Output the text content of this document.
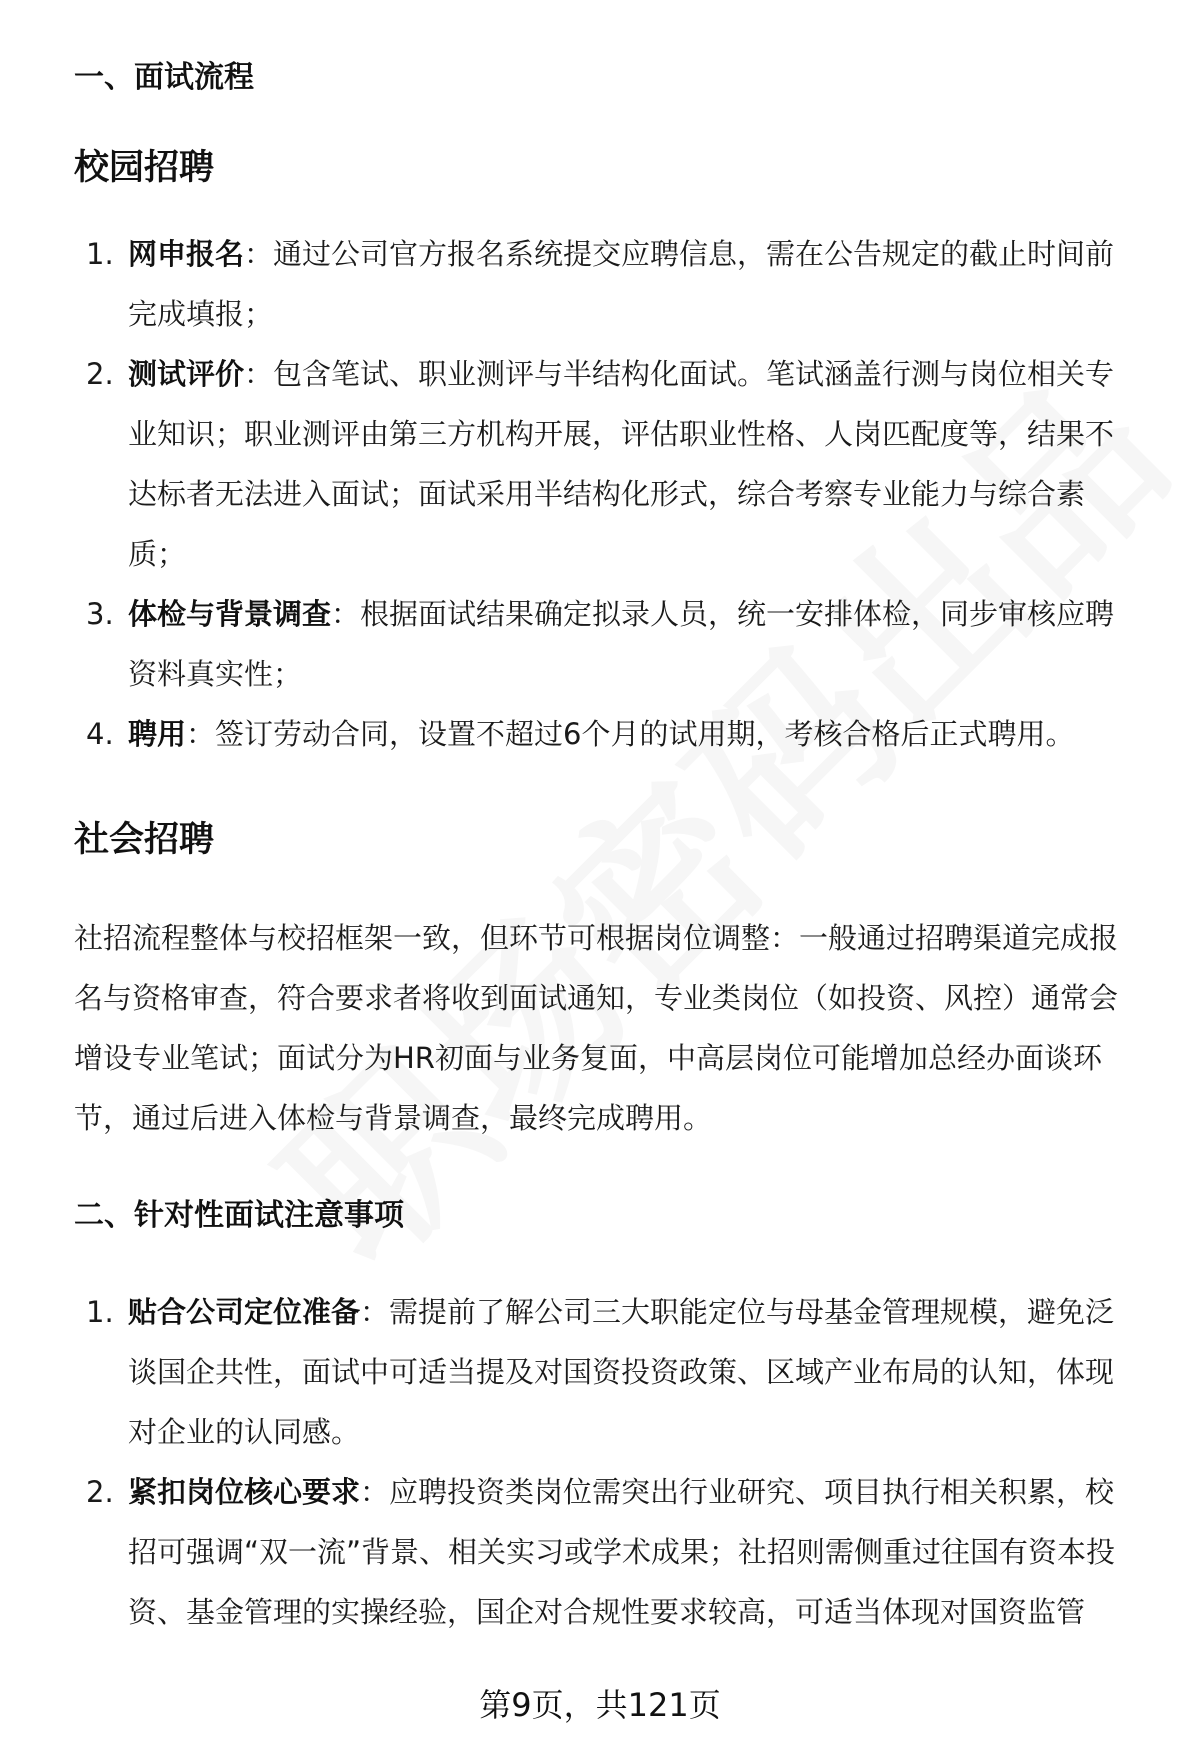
一、面试流程
校园招聘
1. 网申报名：通过公司官方报名系统提交应聘信息，需在公告规定的截止时间前完成填报；
2. 测试评价：包含笔试、职业测评与半结构化面试。笔试涵盖行测与岗位相关专业知识；职业测评由第三方机构开展，评估职业性格、人岗匹配度等，结果不达标者无法进入面试；面试采用半结构化形式，综合考察专业能力与综合素质；
3. 体检与背景调查：根据面试结果确定拟录人员，统一安排体检，同步审核应聘资料真实性；
4. 聘用：签订劳动合同，设置不超过6个月的试用期，考核合格后正式聘用。
社会招聘

社招流程整体与校招框架一致，但环节可根据岗位调整：一般通过招聘渠道完成报名与资格审查，符合要求者将收到面试通知，专业类岗位（如投资、风控）通常会增设专业笔试；面试分为HR初面与业务复面，中高层岗位可能增加总经办面谈环节，通过后进入体检与背景调查，最终完成聘用。

二、针对性面试注意事项
1. 贴合公司定位准备：需提前了解公司三大职能定位与母基金管理规模，避免泛谈国企共性，面试中可适当提及对国资投资政策、区域产业布局的认知，体现对企业的认同感。
2. 紧扣岗位核心要求：应聘投资类岗位需突出行业研究、项目执行相关积累，校招可强调“双一流”背景、相关实习或学术成果；社招则需侧重过往国有资本投资、基金管理的实操经验，国企对合规性要求较高，可适当体现对国资监管
第9页，共121页
